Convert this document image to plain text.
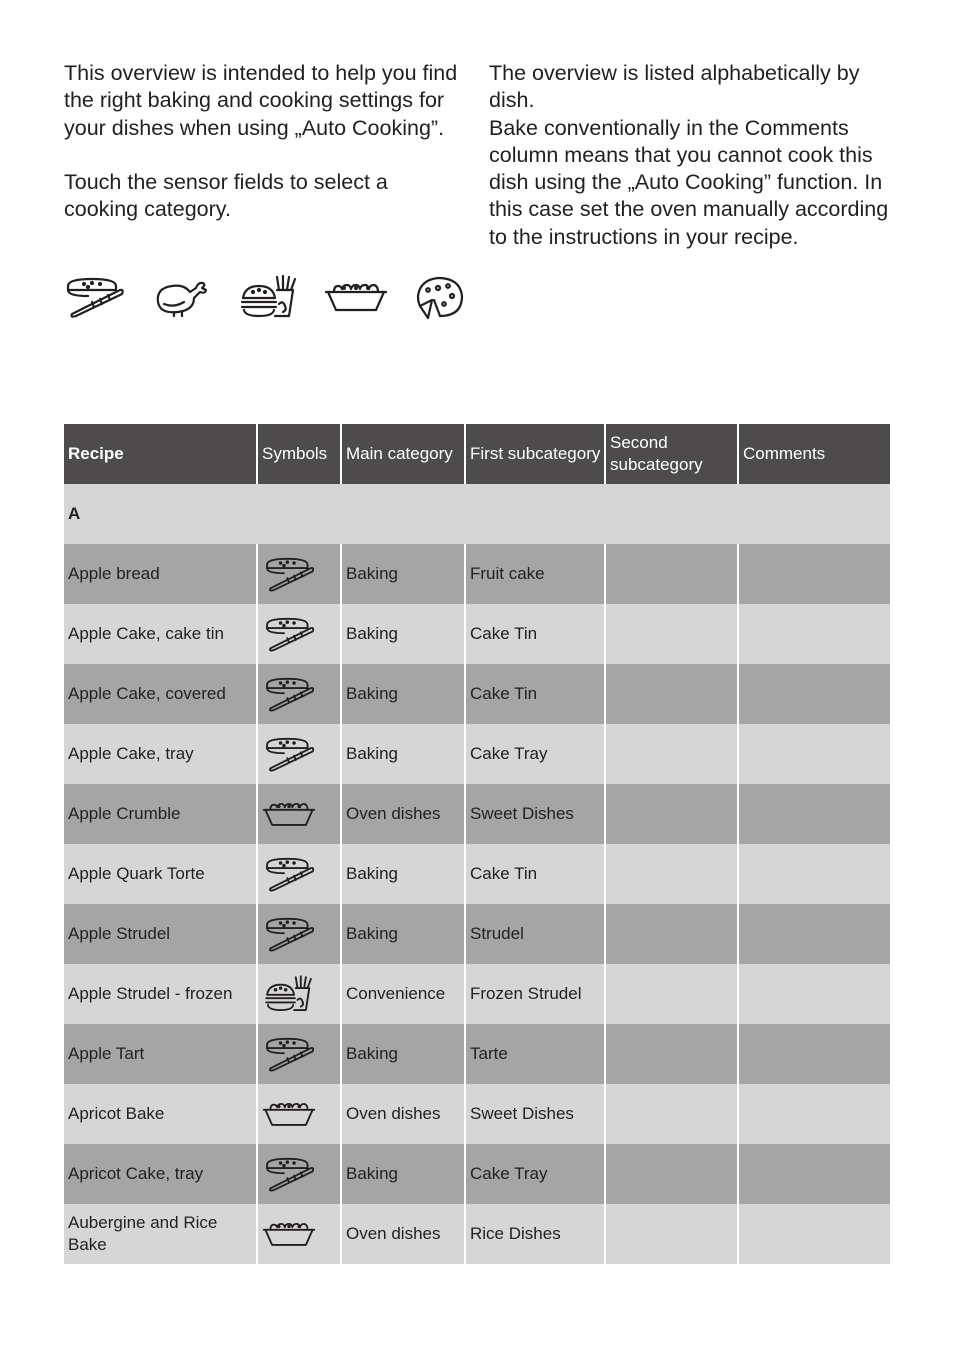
This overview is intended to help you find the right baking and cooking settings for your dishes when using „Auto Cooking”.

Touch the sensor fields to select a cooking category.

The overview is listed alphabetically by dish.

Bake conventionally in the Comments column means that you cannot cook this dish using the „Auto Cooking” function. In this case set the oven manually according to the instructions in your recipe.

Recipe	Symbols	Main category	First subcategory	Second subcategory	Comments
A					
Apple bread		Baking	Fruit cake		
Apple Cake, cake tin		Baking	Cake Tin		
Apple Cake, covered		Baking	Cake Tin		
Apple Cake, tray		Baking	Cake Tray		
Apple Crumble		Oven dishes	Sweet Dishes		
Apple Quark Torte		Baking	Cake Tin		
Apple Strudel		Baking	Strudel		
Apple Strudel - frozen		Convenience	Frozen Strudel		
Apple Tart		Baking	Tarte		
Apricot Bake		Oven dishes	Sweet Dishes		
Apricot Cake, tray		Baking	Cake Tray		
Aubergine and Rice Bake		Oven dishes	Rice Dishes		
